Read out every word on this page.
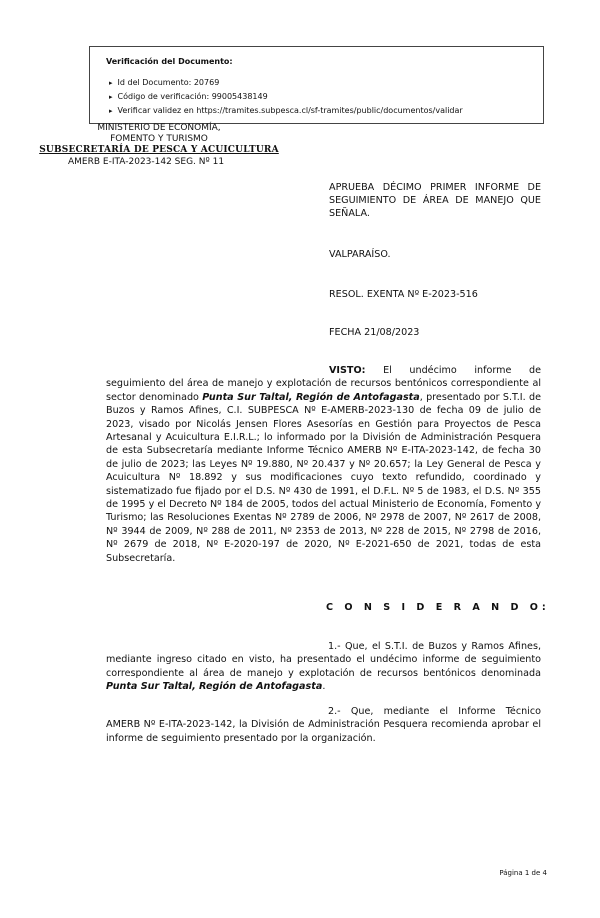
Verificación del Documento:
▸ Id del Documento: 20769
▸ Código de verificación: 99005438149
▸ Verificar validez en https://tramites.subpesca.cl/sf-tramites/public/documentos/validar
MINISTERIO DE ECONOMÍA,
FOMENTO Y TURISMO
SUBSECRETARÍA DE PESCA Y ACUICULTURA
AMERB E-ITA-2023-142 SEG. Nº 11
APRUEBA DÉCIMO PRIMER INFORME DE SEGUIMIENTO DE ÁREA DE MANEJO QUE SEÑALA.
VALPARAÍSO.
RESOL. EXENTA Nº E-2023-516
FECHA 21/08/2023
VISTO: El undécimo informe de seguimiento del área de manejo y explotación de recursos bentónicos correspondiente al sector denominado Punta Sur Taltal, Región de Antofagasta, presentado por S.T.I. de Buzos y Ramos Afines, C.I. SUBPESCA Nº E-AMERB-2023-130 de fecha 09 de julio de 2023, visado por Nicolás Jensen Flores Asesorías en Gestión para Proyectos de Pesca Artesanal y Acuicultura E.I.R.L.; lo informado por la División de Administración Pesquera de esta Subsecretaría mediante Informe Técnico AMERB Nº E-ITA-2023-142, de fecha 30 de julio de 2023; las Leyes Nº 19.880, Nº 20.437 y Nº 20.657; la Ley General de Pesca y Acuicultura Nº 18.892 y sus modificaciones cuyo texto refundido, coordinado y sistematizado fue fijado por el D.S. Nº 430 de 1991, el D.F.L. Nº 5 de 1983, el D.S. Nº 355 de 1995 y el Decreto Nº 184 de 2005, todos del actual Ministerio de Economía, Fomento y Turismo; las Resoluciones Exentas Nº 2789 de 2006, Nº 2978 de 2007, Nº 2617 de 2008, Nº 3944 de 2009, Nº 288 de 2011, Nº 2353 de 2013, Nº 228 de 2015, Nº 2798 de 2016, Nº 2679 de 2018, Nº E-2020-197 de 2020, Nº E-2021-650 de 2021, todas de esta Subsecretaría.
C O N S I D E R A N D O:
1.- Que, el S.T.I. de Buzos y Ramos Afines, mediante ingreso citado en visto, ha presentado el undécimo informe de seguimiento correspondiente al área de manejo y explotación de recursos bentónicos denominada Punta Sur Taltal, Región de Antofagasta.
2.- Que, mediante el Informe Técnico AMERB Nº E-ITA-2023-142, la División de Administración Pesquera recomienda aprobar el informe de seguimiento presentado por la organización.
Página 1 de 4
